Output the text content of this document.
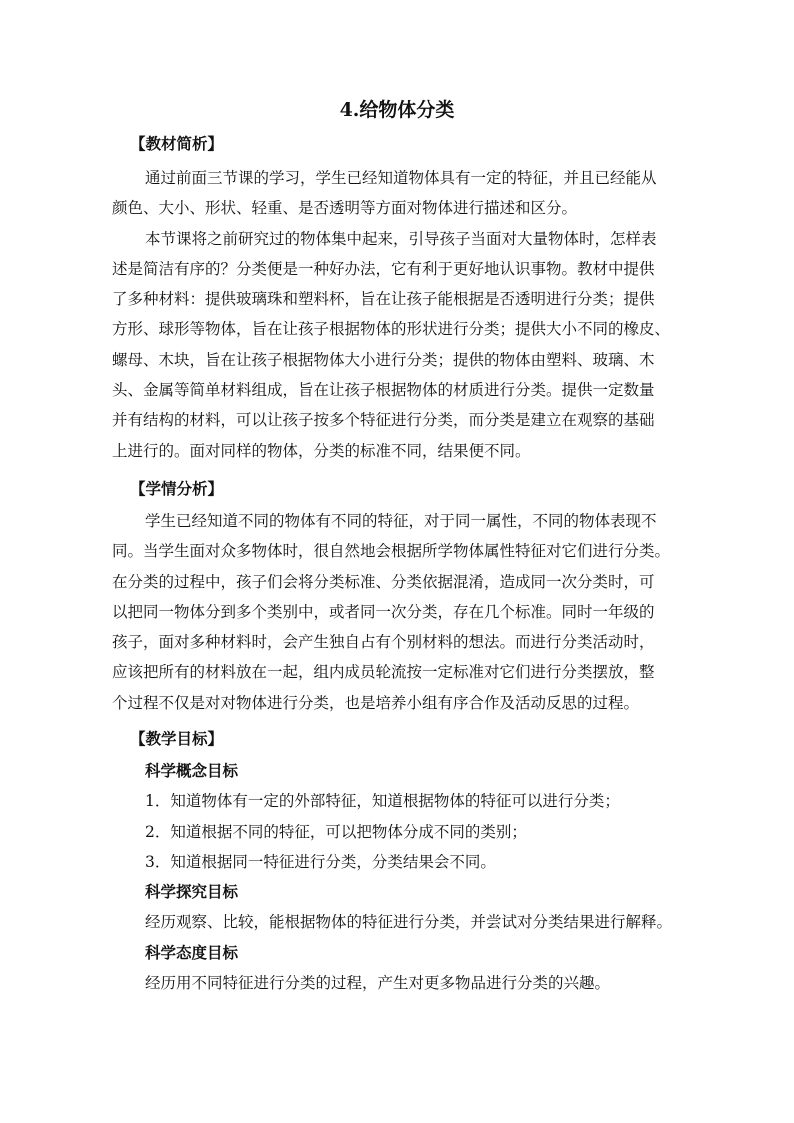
4.给物体分类
【教材简析】
通过前面三节课的学习，学生已经知道物体具有一定的特征，并且已经能从
颜色、大小、形状、轻重、是否透明等方面对物体进行描述和区分。
本节课将之前研究过的物体集中起来，引导孩子当面对大量物体时，怎样表
述是简洁有序的？分类便是一种好办法，它有利于更好地认识事物。教材中提供
了多种材料：提供玻璃珠和塑料杯，旨在让孩子能根据是否透明进行分类；提供
方形、球形等物体，旨在让孩子根据物体的形状进行分类；提供大小不同的橡皮、
螺母、木块，旨在让孩子根据物体大小进行分类；提供的物体由塑料、玻璃、木
头、金属等简单材料组成，旨在让孩子根据物体的材质进行分类。提供一定数量
并有结构的材料，可以让孩子按多个特征进行分类，而分类是建立在观察的基础
上进行的。面对同样的物体，分类的标准不同，结果便不同。
【学情分析】
学生已经知道不同的物体有不同的特征，对于同一属性，不同的物体表现不
同。当学生面对众多物体时，很自然地会根据所学物体属性特征对它们进行分类。
在分类的过程中，孩子们会将分类标准、分类依据混淆，造成同一次分类时，可
以把同一物体分到多个类别中，或者同一次分类，存在几个标准。同时一年级的
孩子，面对多种材料时，会产生独自占有个别材料的想法。而进行分类活动时，
应该把所有的材料放在一起，组内成员轮流按一定标准对它们进行分类摆放，整
个过程不仅是对对物体进行分类，也是培养小组有序合作及活动反思的过程。
【教学目标】
科学概念目标
1．知道物体有一定的外部特征，知道根据物体的特征可以进行分类；
2．知道根据不同的特征，可以把物体分成不同的类别；
3．知道根据同一特征进行分类，分类结果会不同。
科学探究目标
经历观察、比较，能根据物体的特征进行分类，并尝试对分类结果进行解释。
科学态度目标
经历用不同特征进行分类的过程，产生对更多物品进行分类的兴趣。
